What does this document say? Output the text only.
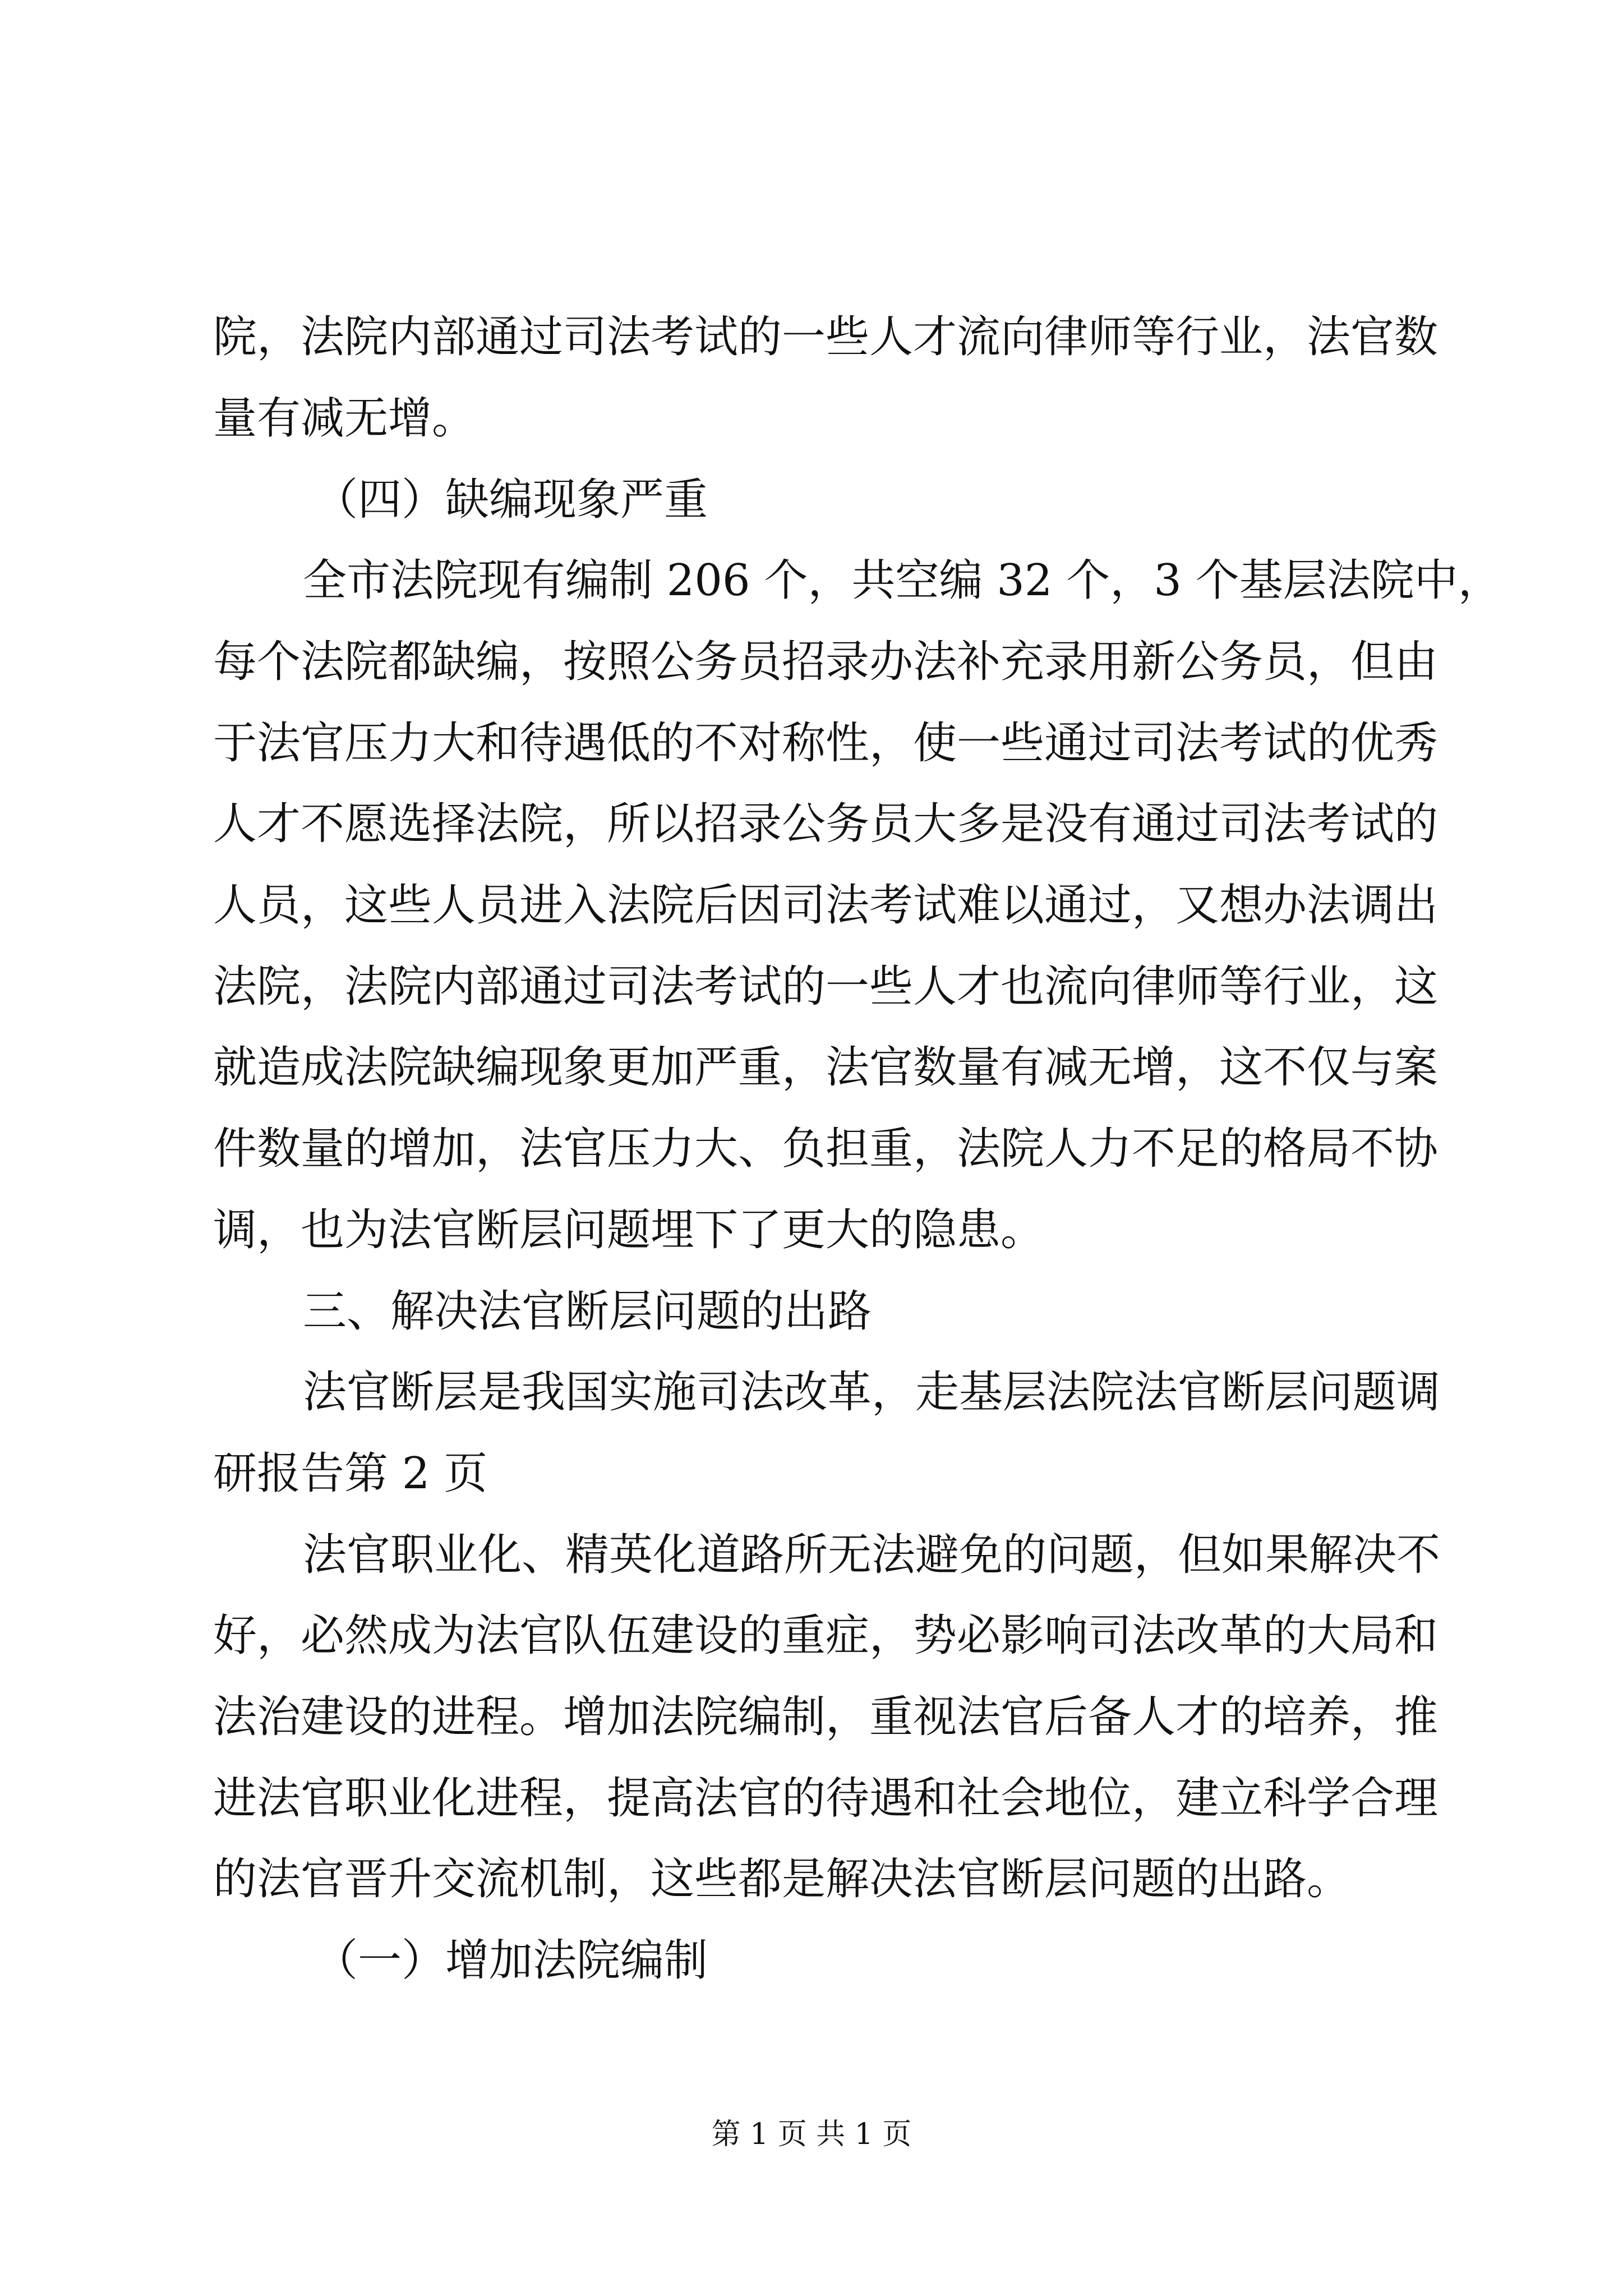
院，法院内部通过司法考试的一些人才流向律师等行业，法官数

量有减无增。

（四）缺编现象严重

全市法院现有编制 206 个，共空编 32 个，3 个基层法院中，

每个法院都缺编，按照公务员招录办法补充录用新公务员，但由

于法官压力大和待遇低的不对称性，使一些通过司法考试的优秀

人才不愿选择法院，所以招录公务员大多是没有通过司法考试的

人员，这些人员进入法院后因司法考试难以通过，又想办法调出

法院，法院内部通过司法考试的一些人才也流向律师等行业，这

就造成法院缺编现象更加严重，法官数量有减无增，这不仅与案

件数量的增加，法官压力大、负担重，法院人力不足的格局不协

调，也为法官断层问题埋下了更大的隐患。

三、解决法官断层问题的出路

法官断层是我国实施司法改革，走基层法院法官断层问题调

研报告第 2 页

法官职业化、精英化道路所无法避免的问题，但如果解决不

好，必然成为法官队伍建设的重症，势必影响司法改革的大局和

法治建设的进程。增加法院编制，重视法官后备人才的培养，推

进法官职业化进程，提高法官的待遇和社会地位，建立科学合理

的法官晋升交流机制，这些都是解决法官断层问题的出路。

（一）增加法院编制

第 1 页 共 1 页
